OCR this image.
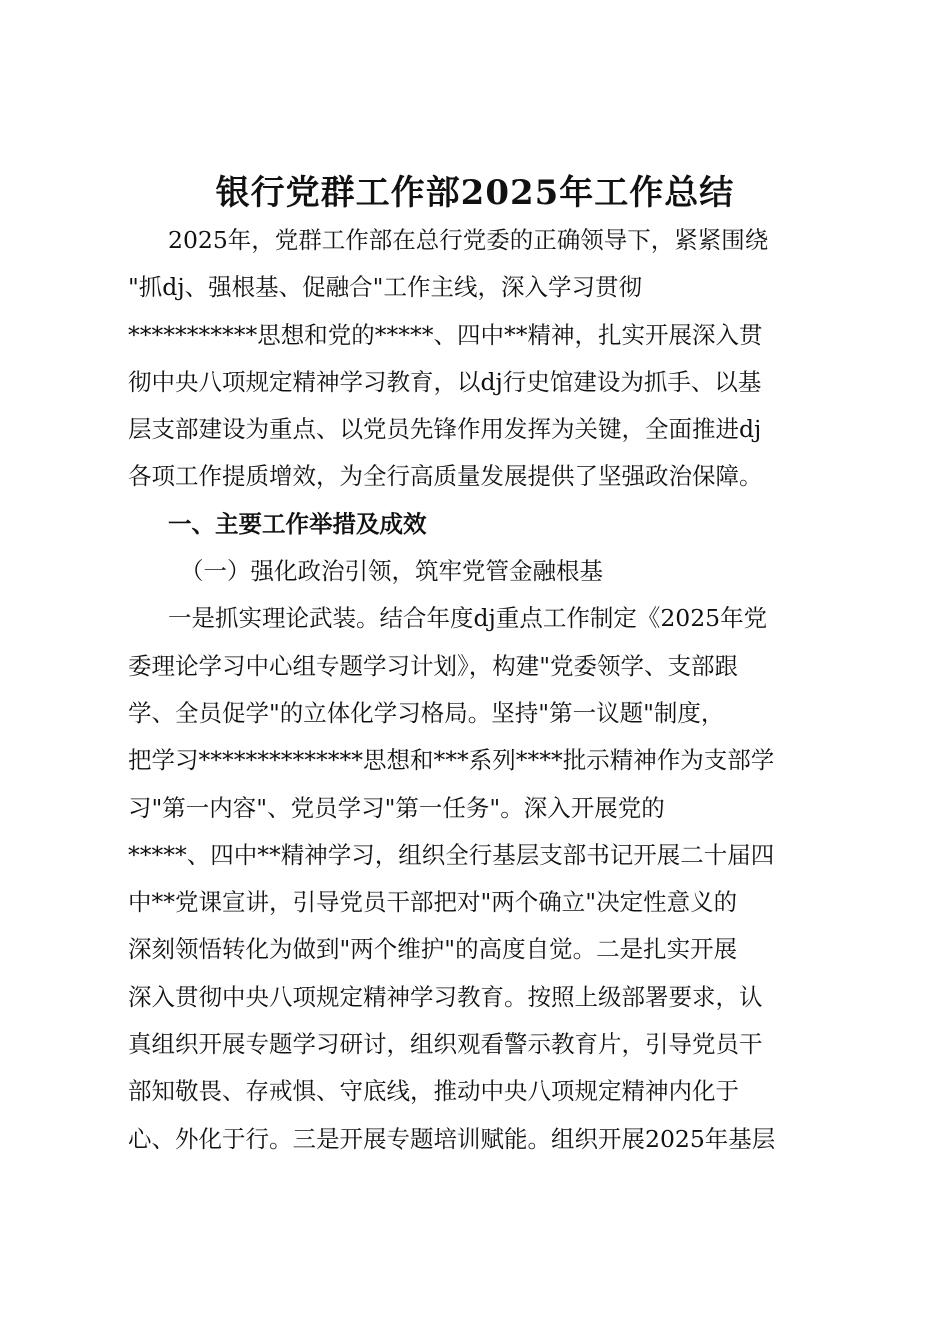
银行党群工作部2025年工作总结
2025年，党群工作部在总行党委的正确领导下，紧紧围绕
"抓dj、强根基、促融合"工作主线，深入学习贯彻
***********思想和党的*****、四中**精神，扎实开展深入贯
彻中央八项规定精神学习教育，以dj行史馆建设为抓手、以基
层支部建设为重点、以党员先锋作用发挥为关键，全面推进dj
各项工作提质增效，为全行高质量发展提供了坚强政治保障。
一、主要工作举措及成效
（一）强化政治引领，筑牢党管金融根基
一是抓实理论武装。结合年度dj重点工作制定《2025年党
委理论学习中心组专题学习计划》，构建"党委领学、支部跟
学、全员促学"的立体化学习格局。坚持"第一议题"制度，
把学习**************思想和***系列****批示精神作为支部学
习"第一内容"、党员学习"第一任务"。深入开展党的
*****、四中**精神学习，组织全行基层支部书记开展二十届四
中**党课宣讲，引导党员干部把对"两个确立"决定性意义的
深刻领悟转化为做到"两个维护"的高度自觉。二是扎实开展
深入贯彻中央八项规定精神学习教育。按照上级部署要求，认
真组织开展专题学习研讨，组织观看警示教育片，引导党员干
部知敬畏、存戒惧、守底线，推动中央八项规定精神内化于
心、外化于行。三是开展专题培训赋能。组织开展2025年基层
